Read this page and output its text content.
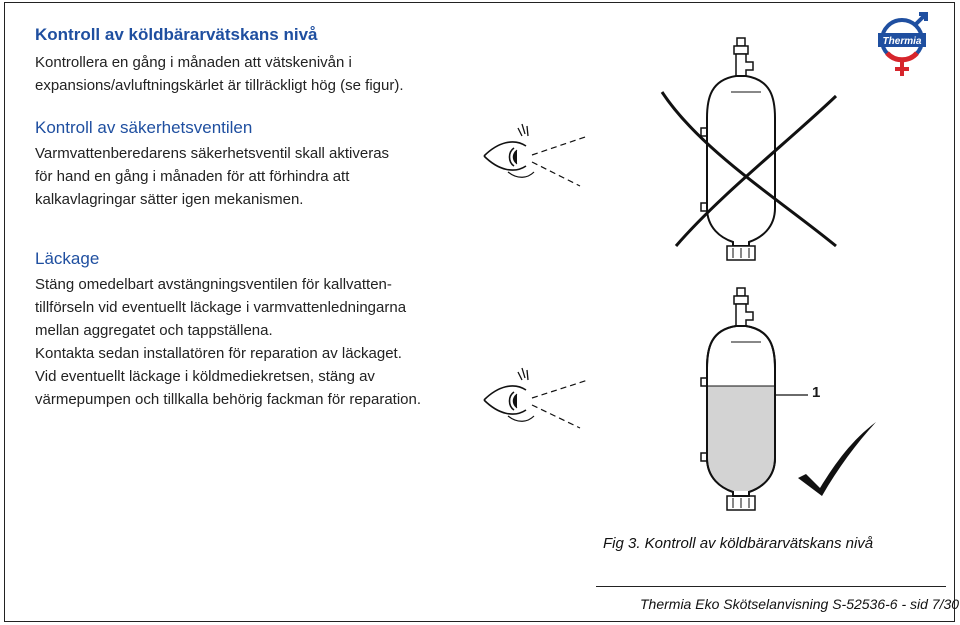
Kontroll av köldbärarvätskans nivå

Kontrollera en gång i månaden att vätskenivån i
expansions/avluftningskärlet är tillräckligt hög (se figur).

Kontroll av säkerhetsventilen

Varmvattenberedarens säkerhetsventil skall aktiveras
för hand en gång i månaden för att förhindra att
kalkavlagringar sätter igen mekanismen.

Läckage

Stäng omedelbart avstängningsventilen för kallvatten-
tillförseln vid eventuellt läckage i varmvattenledningarna
mellan aggregatet och tappställena.
Kontakta sedan installatören för reparation av läckaget.
Vid eventuellt läckage i köldmediekretsen, stäng av
värmepumpen och tillkalla behörig fackman för reparation.

Thermia
1
Fig 3. Kontroll av köldbärarvätskans nivå
Thermia Eko Skötselanvisning S-52536-6 - sid 7/30
